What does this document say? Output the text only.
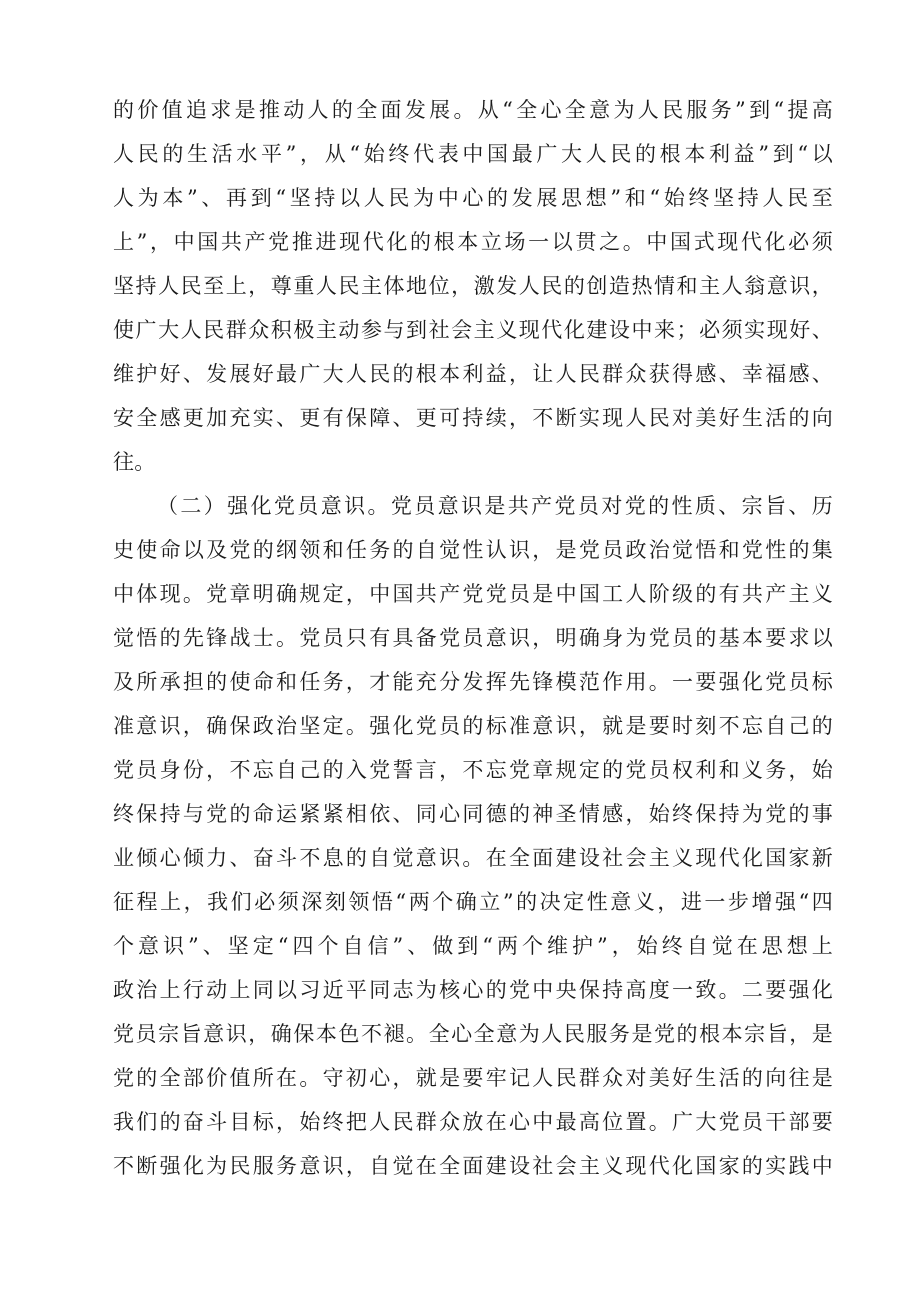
的价值追求是推动人的全面发展。从“全心全意为人民服务”到“提高
人民的生活水平”，从“始终代表中国最广大人民的根本利益”到“以
人为本”、再到“坚持以人民为中心的发展思想”和“始终坚持人民至
上”，中国共产党推进现代化的根本立场一以贯之。中国式现代化必须
坚持人民至上，尊重人民主体地位，激发人民的创造热情和主人翁意识，
使广大人民群众积极主动参与到社会主义现代化建设中来；必须实现好、
维护好、发展好最广大人民的根本利益，让人民群众获得感、幸福感、
安全感更加充实、更有保障、更可持续，不断实现人民对美好生活的向
往。
（二）强化党员意识。党员意识是共产党员对党的性质、宗旨、历
史使命以及党的纲领和任务的自觉性认识，是党员政治觉悟和党性的集
中体现。党章明确规定，中国共产党党员是中国工人阶级的有共产主义
觉悟的先锋战士。党员只有具备党员意识，明确身为党员的基本要求以
及所承担的使命和任务，才能充分发挥先锋模范作用。一要强化党员标
准意识，确保政治坚定。强化党员的标准意识，就是要时刻不忘自己的
党员身份，不忘自己的入党誓言，不忘党章规定的党员权利和义务，始
终保持与党的命运紧紧相依、同心同德的神圣情感，始终保持为党的事
业倾心倾力、奋斗不息的自觉意识。在全面建设社会主义现代化国家新
征程上，我们必须深刻领悟“两个确立”的决定性意义，进一步增强“四
个意识”、坚定“四个自信”、做到“两个维护”，始终自觉在思想上
政治上行动上同以习近平同志为核心的党中央保持高度一致。二要强化
党员宗旨意识，确保本色不褪。全心全意为人民服务是党的根本宗旨，是
党的全部价值所在。守初心，就是要牢记人民群众对美好生活的向往是
我们的奋斗目标，始终把人民群众放在心中最高位置。广大党员干部要
不断强化为民服务意识，自觉在全面建设社会主义现代化国家的实践中
